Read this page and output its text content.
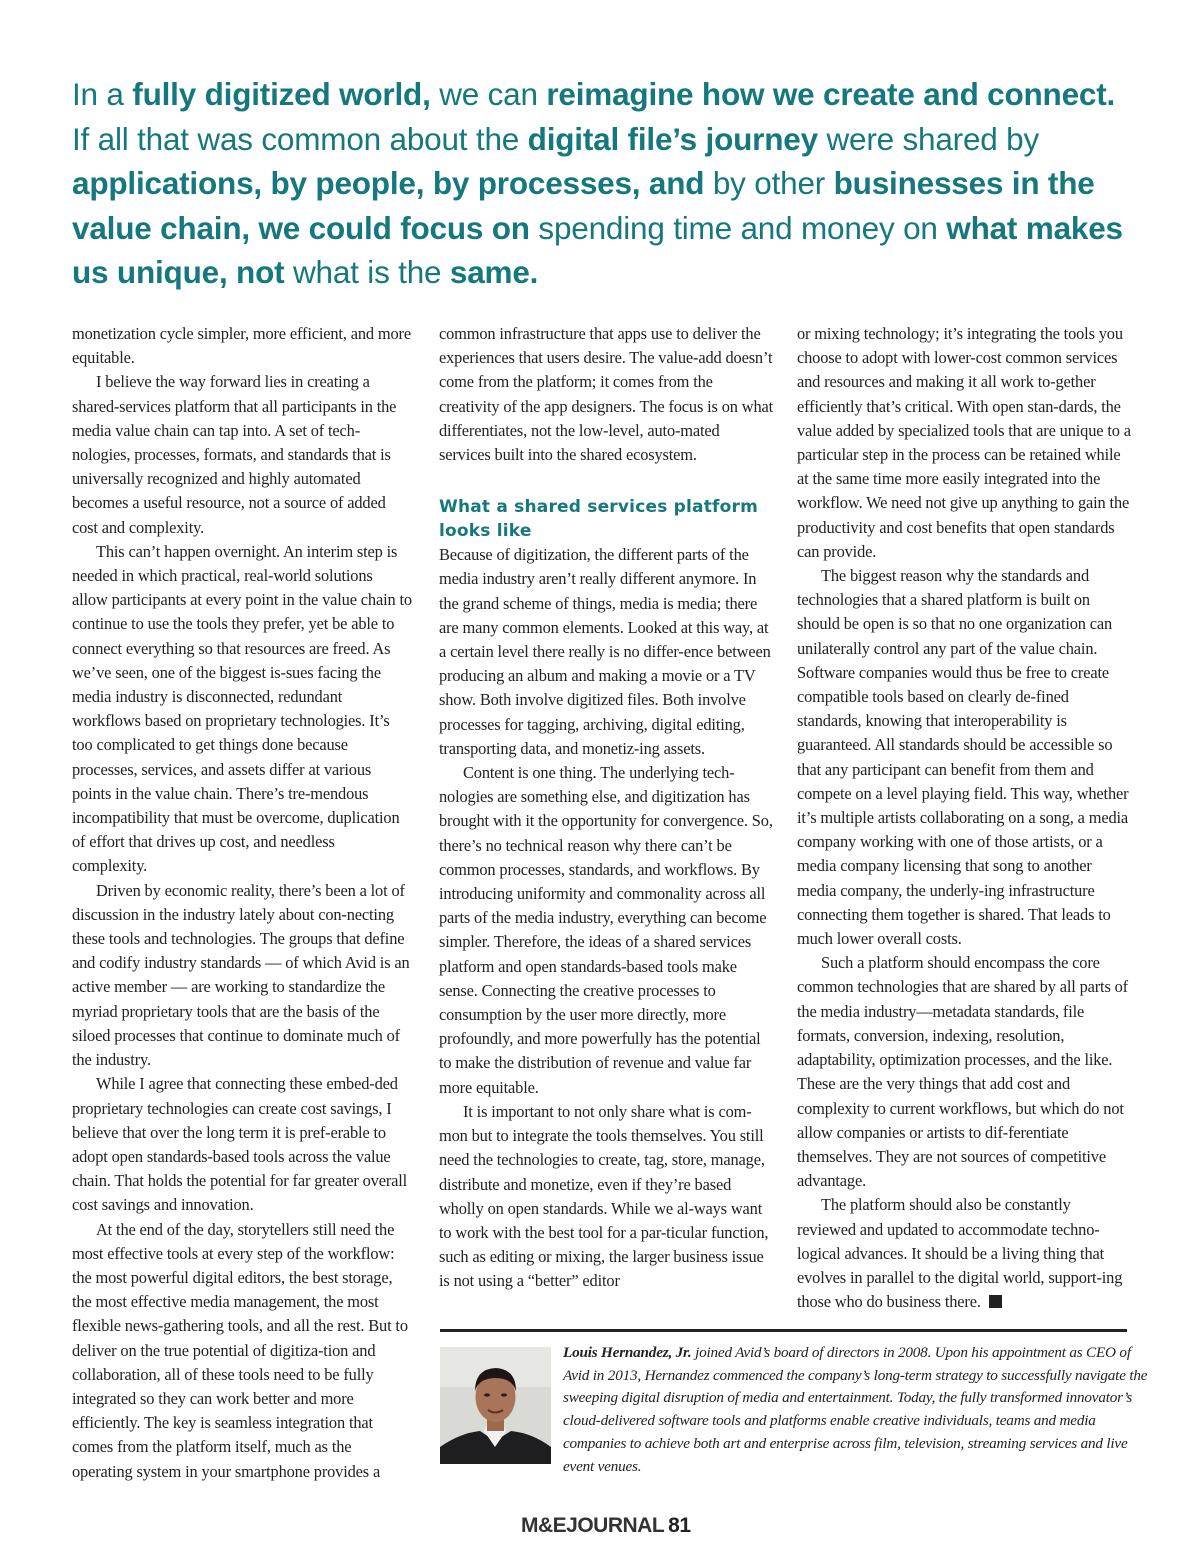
In a fully digitized world, we can reimagine how we create and connect. If all that was common about the digital file’s journey were shared by applications, by people, by processes, and by other businesses in the value chain, we could focus on spending time and money on what makes us unique, not what is the same.

monetization cycle simpler, more efficient, and more equitable.

I believe the way forward lies in creating a shared-services platform that all participants in the media value chain can tap into. A set of tech-nologies, processes, formats, and standards that is universally recognized and highly automated becomes a useful resource, not a source of added cost and complexity.

This can’t happen overnight. An interim step is needed in which practical, real-world solutions allow participants at every point in the value chain to continue to use the tools they prefer, yet be able to connect everything so that resources are freed. As we’ve seen, one of the biggest is-sues facing the media industry is disconnected, redundant workflows based on proprietary technologies. It’s too complicated to get things done because processes, services, and assets differ at various points in the value chain. There’s tre-mendous incompatibility that must be overcome, duplication of effort that drives up cost, and needless complexity.

Driven by economic reality, there’s been a lot of discussion in the industry lately about con-necting these tools and technologies. The groups that define and codify industry standards — of which Avid is an active member — are working to standardize the myriad proprietary tools that are the basis of the siloed processes that continue to dominate much of the industry.

While I agree that connecting these embed-ded proprietary technologies can create cost savings, I believe that over the long term it is pref-erable to adopt open standards-based tools across the value chain. That holds the potential for far greater overall cost savings and innovation.

At the end of the day, storytellers still need the most effective tools at every step of the workflow: the most powerful digital editors, the best storage, the most effective media management, the most flexible news-gathering tools, and all the rest. But to deliver on the true potential of digitiza-tion and collaboration, all of these tools need to be fully integrated so they can work better and more efficiently. The key is seamless integration that comes from the platform itself, much as the operating system in your smartphone provides a

common infrastructure that apps use to deliver the experiences that users desire. The value-add doesn’t come from the platform; it comes from the creativity of the app designers. The focus is on what differentiates, not the low-level, auto-mated services built into the shared ecosystem.

What a shared services platform looks like

Because of digitization, the different parts of the media industry aren’t really different anymore. In the grand scheme of things, media is media; there are many common elements. Looked at this way, at a certain level there really is no differ-ence between producing an album and making a movie or a TV show. Both involve digitized files. Both involve processes for tagging, archiving, digital editing, transporting data, and monetiz-ing assets.

Content is one thing. The underlying tech-nologies are something else, and digitization has brought with it the opportunity for convergence. So, there’s no technical reason why there can’t be common processes, standards, and workflows. By introducing uniformity and commonality across all parts of the media industry, everything can become simpler. Therefore, the ideas of a shared services platform and open standards-based tools make sense. Connecting the creative processes to consumption by the user more directly, more profoundly, and more powerfully has the potential to make the distribution of revenue and value far more equitable.

It is important to not only share what is com-mon but to integrate the tools themselves. You still need the technologies to create, tag, store, manage, distribute and monetize, even if they’re based wholly on open standards. While we al-ways want to work with the best tool for a par-ticular function, such as editing or mixing, the larger business issue is not using a “better” editor

or mixing technology; it’s integrating the tools you choose to adopt with lower-cost common services and resources and making it all work to-gether efficiently that’s critical. With open stan-dards, the value added by specialized tools that are unique to a particular step in the process can be retained while at the same time more easily integrated into the workflow. We need not give up anything to gain the productivity and cost benefits that open standards can provide.

The biggest reason why the standards and technologies that a shared platform is built on should be open is so that no one organization can unilaterally control any part of the value chain. Software companies would thus be free to create compatible tools based on clearly de-fined standards, knowing that interoperability is guaranteed. All standards should be accessible so that any participant can benefit from them and compete on a level playing field. This way, whether it’s multiple artists collaborating on a song, a media company working with one of those artists, or a media company licensing that song to another media company, the underly-ing infrastructure connecting them together is shared. That leads to much lower overall costs.

Such a platform should encompass the core common technologies that are shared by all parts of the media industry—metadata standards, file formats, conversion, indexing, resolution, adaptability, optimization processes, and the like. These are the very things that add cost and complexity to current workflows, but which do not allow companies or artists to dif-ferentiate themselves. They are not sources of competitive advantage.

The platform should also be constantly reviewed and updated to accommodate techno-logical advances. It should be a living thing that evolves in parallel to the digital world, support-ing those who do business there.

Louis Hernandez, Jr. joined Avid’s board of directors in 2008. Upon his appointment as CEO of Avid in 2013, Hernandez commenced the company’s long-term strategy to successfully navigate the sweeping digital disruption of media and entertainment. Today, the fully transformed innovator’s cloud-delivered software tools and platforms enable creative individuals, teams and media companies to achieve both art and enterprise across film, television, streaming services and live event venues.
M&EJOURNAL 81
